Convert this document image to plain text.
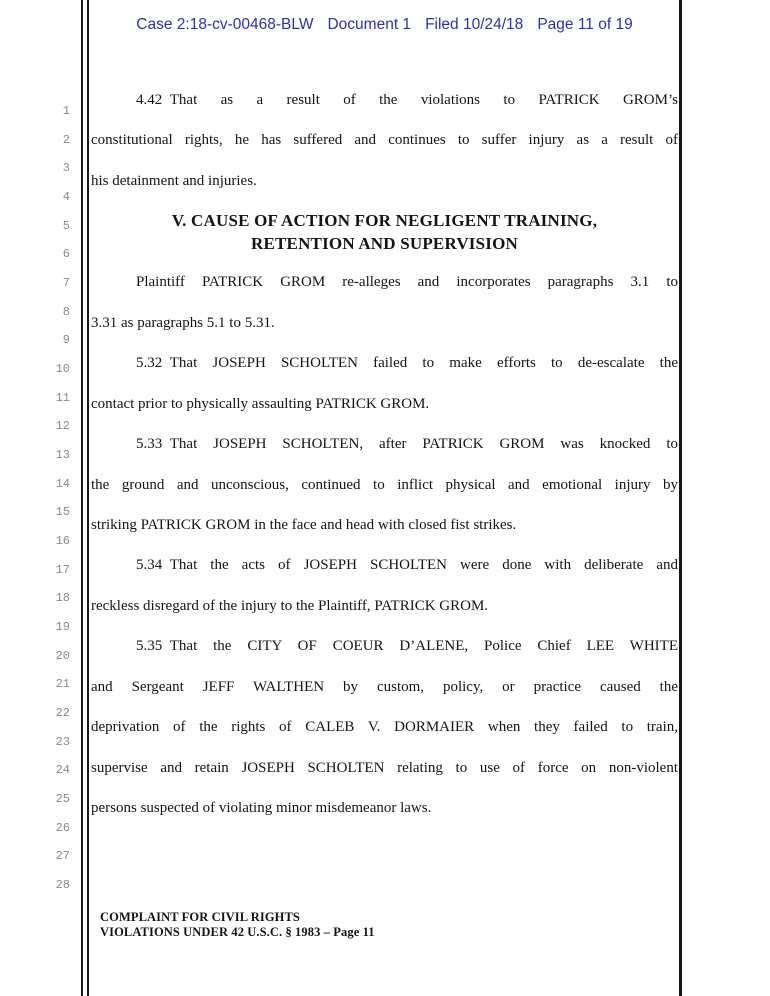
Case 2:18-cv-00468-BLW Document 1 Filed 10/24/18 Page 11 of 19
1
2
3
4
5
6
7
8
9
10
11
12
13
14
15
16
17
18
19
20
21
22
23
24
25
26
27
28
4.42 That as a result of the violations to PATRICK GROM’s
constitutional rights, he has suffered and continues to suffer injury as a result of
his detainment and injuries.
V. CAUSE OF ACTION FOR NEGLIGENT TRAINING,
RETENTION AND SUPERVISION
Plaintiff PATRICK GROM re-alleges and incorporates paragraphs 3.1 to
3.31 as paragraphs 5.1 to 5.31.
5.32 That JOSEPH SCHOLTEN failed to make efforts to de-escalate the
contact prior to physically assaulting PATRICK GROM.
5.33 That JOSEPH SCHOLTEN, after PATRICK GROM was knocked to
the ground and unconscious, continued to inflict physical and emotional injury by
striking PATRICK GROM in the face and head with closed fist strikes.
5.34 That the acts of JOSEPH SCHOLTEN were done with deliberate and
reckless disregard of the injury to the Plaintiff, PATRICK GROM.
5.35 That the CITY OF COEUR D’ALENE, Police Chief LEE WHITE
and Sergeant JEFF WALTHEN by custom, policy, or practice caused the
deprivation of the rights of CALEB V. DORMAIER when they failed to train,
supervise and retain JOSEPH SCHOLTEN relating to use of force on non-violent
persons suspected of violating minor misdemeanor laws.
COMPLAINT FOR CIVIL RIGHTS
VIOLATIONS UNDER 42 U.S.C. § 1983 – Page 11
